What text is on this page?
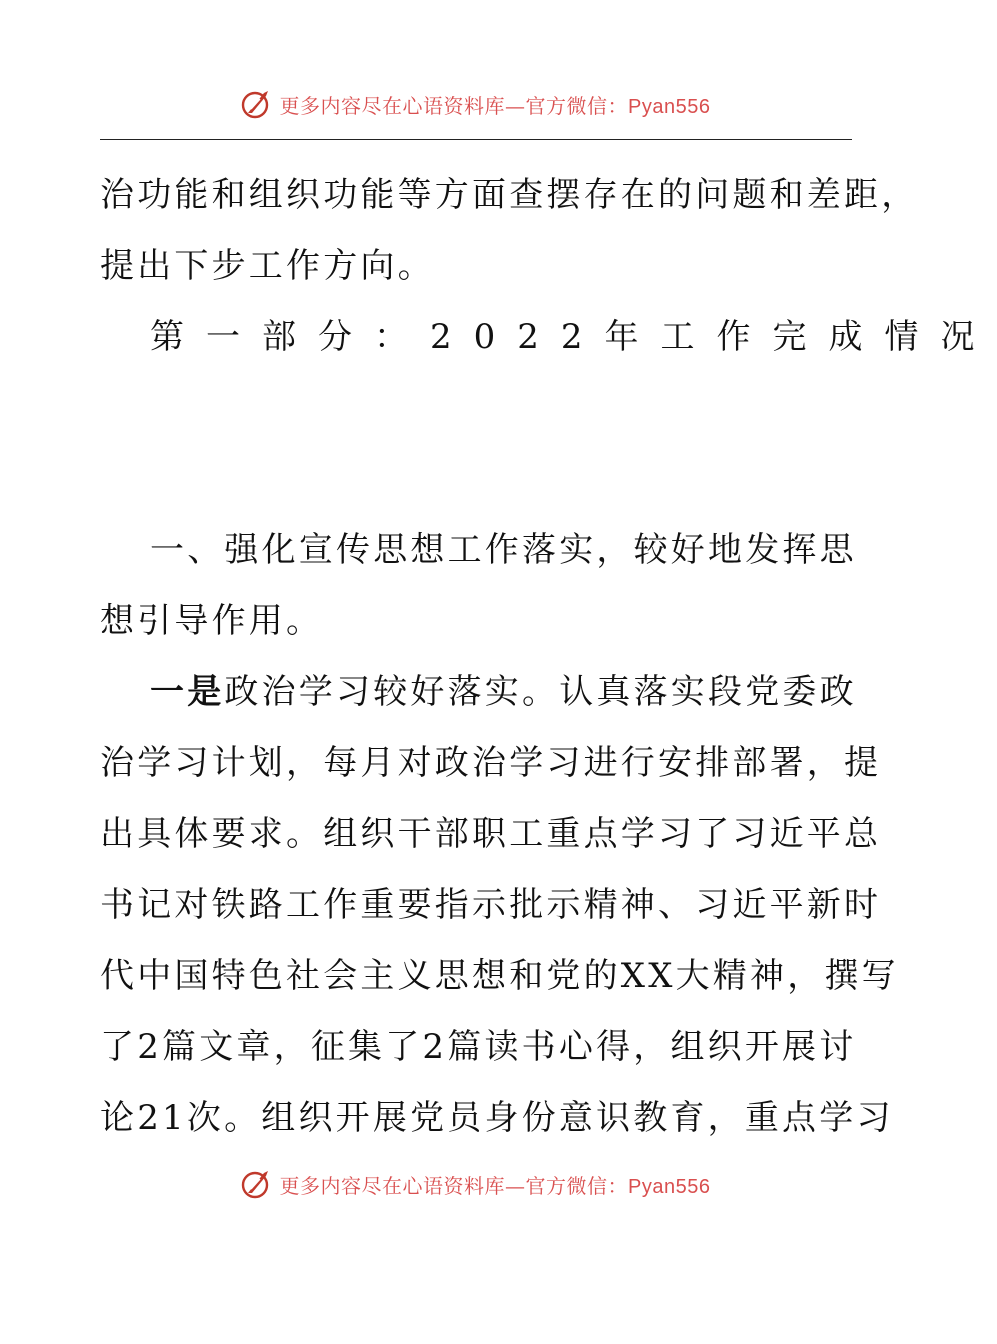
更多内容尽在心语资料库—官方微信：Pyan556
治功能和组织功能等方面查摆存在的问题和差距，
提出下步工作方向。
第一部分：2022年工作完成情况
一、强化宣传思想工作落实，较好地发挥思
想引导作用。
一是政治学习较好落实。认真落实段党委政
治学习计划，每月对政治学习进行安排部署，提
出具体要求。组织干部职工重点学习了习近平总
书记对铁路工作重要指示批示精神、习近平新时
代中国特色社会主义思想和党的XX大精神，撰写
了2篇文章，征集了2篇读书心得，组织开展讨
论21次。组织开展党员身份意识教育，重点学习
更多内容尽在心语资料库—官方微信：Pyan556
